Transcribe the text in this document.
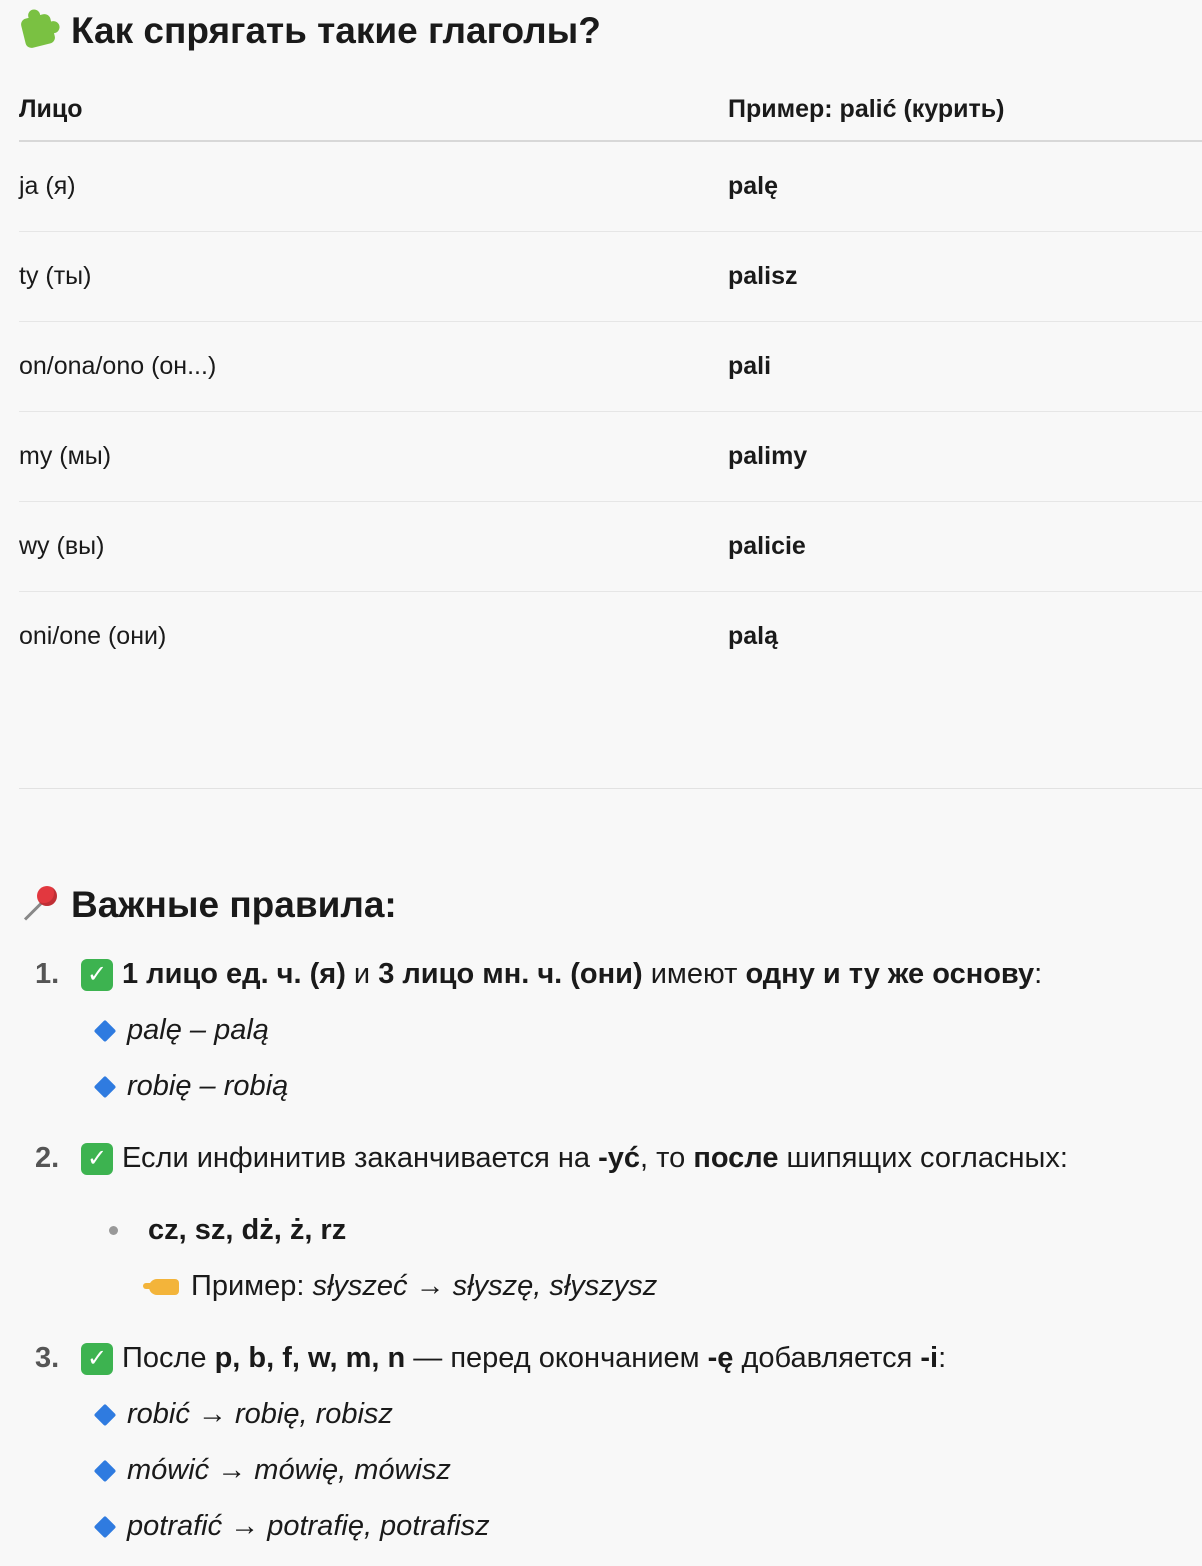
Как спрягать такие глаголы?
Лицо	Пример: palić (курить)
ja (я)	palę
ty (ты)	palisz
on/ona/ono (он...)	pali
my (мы)	palimy
wy (вы)	palicie
oni/one (они)	palą
Важные правила:
1.	✓ 1 лицо ед. ч. (я) и 3 лицо мн. ч. (они) имеют одну и ту же основу:
palę – palą
robię – robią
2.	✓ Если инфинитив заканчивается на -yć, то после шипящих согласных:
cz, sz, dż, ż, rz
Пример: słyszeć → słyszę, słyszysz
3.	✓ После p, b, f, w, m, n — перед окончанием -ę добавляется -i:
robić → robię, robisz
mówić → mówię, mówisz
potrafić → potrafię, potrafisz
